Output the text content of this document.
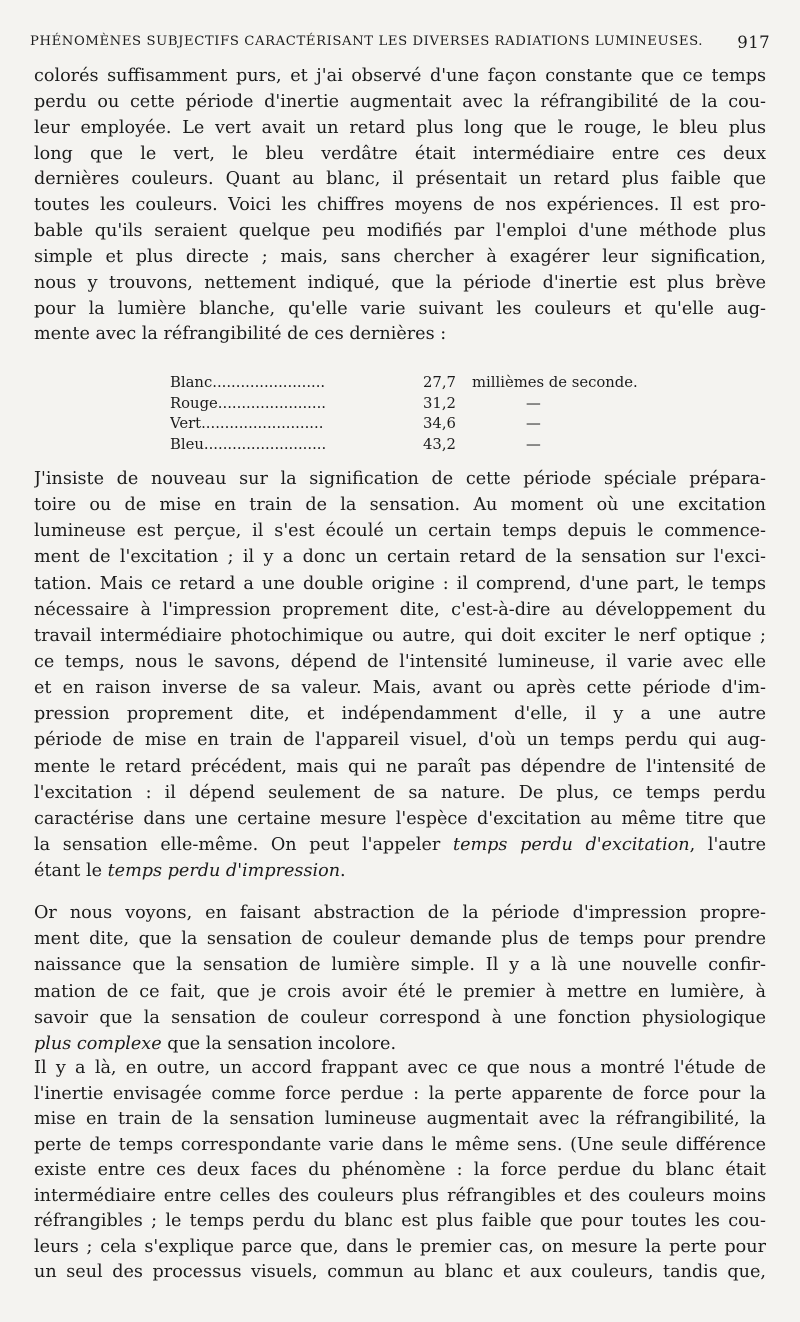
PHÉNOMÈNES SUBJECTIFS CARACTÉRISANT LES DIVERSES RADIATIONS LUMINEUSES. 917
colorés suffisamment purs, et j'ai observé d'une façon constante que ce temps
perdu ou cette période d'inertie augmentait avec la réfrangibilité de la cou-
leur employée. Le vert avait un retard plus long que le rouge, le bleu plus
long que le vert, le bleu verdâtre était intermédiaire entre ces deux
dernières couleurs. Quant au blanc, il présentait un retard plus faible que
toutes les couleurs. Voici les chiffres moyens de nos expériences. Il est pro-
bable qu'ils seraient quelque peu modifiés par l'emploi d'une méthode plus
simple et plus directe ; mais, sans chercher à exagérer leur signification,
nous y trouvons, nettement indiqué, que la période d'inertie est plus brève
pour la lumière blanche, qu'elle varie suivant les couleurs et qu'elle aug-
mente avec la réfrangibilité de ces dernières :
Blanc........................	27,7 millièmes de seconde.
Rouge.......................	31,2	—
Vert..........................	34,6	—
Bleu..........................	43,2	—
J'insiste de nouveau sur la signification de cette période spéciale prépara-
toire ou de mise en train de la sensation. Au moment où une excitation
lumineuse est perçue, il s'est écoulé un certain temps depuis le commence-
ment de l'excitation ; il y a donc un certain retard de la sensation sur l'exci-
tation. Mais ce retard a une double origine : il comprend, d'une part, le temps
nécessaire à l'impression proprement dite, c'est-à-dire au développement du
travail intermédiaire photochimique ou autre, qui doit exciter le nerf optique ;
ce temps, nous le savons, dépend de l'intensité lumineuse, il varie avec elle
et en raison inverse de sa valeur. Mais, avant ou après cette période d'im-
pression proprement dite, et indépendamment d'elle, il y a une autre
période de mise en train de l'appareil visuel, d'où un temps perdu qui aug-
mente le retard précédent, mais qui ne paraît pas dépendre de l'intensité de
l'excitation : il dépend seulement de sa nature. De plus, ce temps perdu
caractérise dans une certaine mesure l'espèce d'excitation au même titre que
la sensation elle-même. On peut l'appeler temps perdu d'excitation, l'autre
étant le temps perdu d'impression.
Or nous voyons, en faisant abstraction de la période d'impression propre-
ment dite, que la sensation de couleur demande plus de temps pour prendre
naissance que la sensation de lumière simple. Il y a là une nouvelle confir-
mation de ce fait, que je crois avoir été le premier à mettre en lumière, à
savoir que la sensation de couleur correspond à une fonction physiologique
plus complexe que la sensation incolore.
Il y a là, en outre, un accord frappant avec ce que nous a montré l'étude de
l'inertie envisagée comme force perdue : la perte apparente de force pour la
mise en train de la sensation lumineuse augmentait avec la réfrangibilité, la
perte de temps correspondante varie dans le même sens. (Une seule différence
existe entre ces deux faces du phénomène : la force perdue du blanc était
intermédiaire entre celles des couleurs plus réfrangibles et des couleurs moins
réfrangibles ; le temps perdu du blanc est plus faible que pour toutes les cou-
leurs ; cela s'explique parce que, dans le premier cas, on mesure la perte pour
un seul des processus visuels, commun au blanc et aux couleurs, tandis que,
